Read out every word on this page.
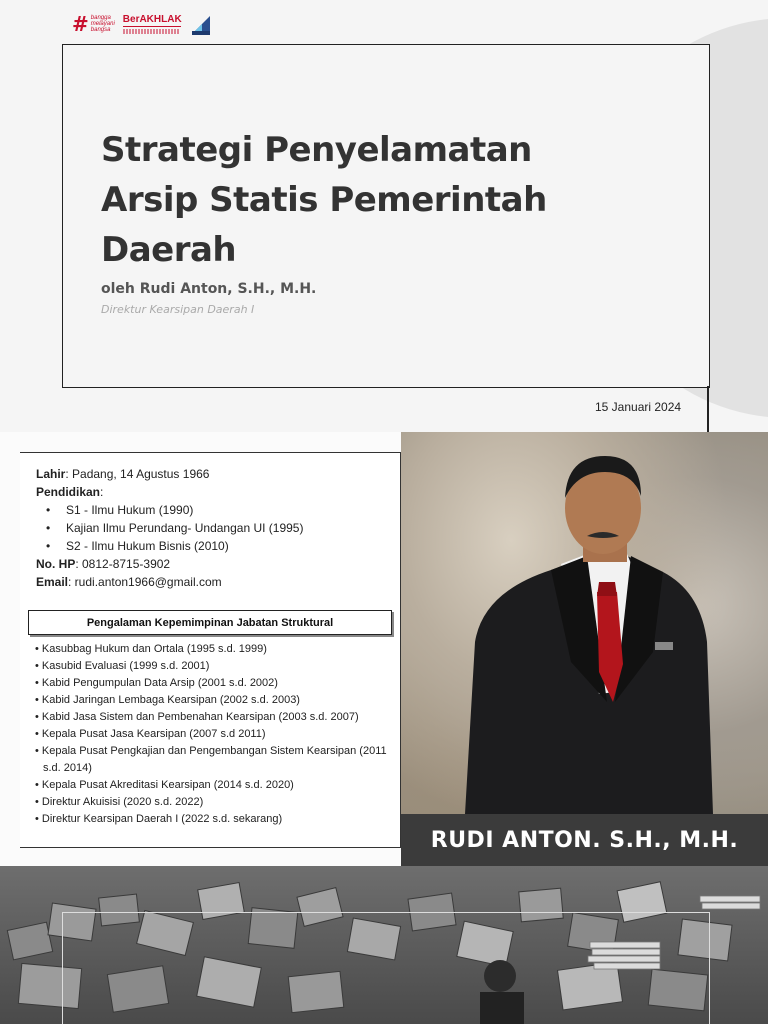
# bangga
melayani
bangsa
BerAKHLAK
Strategi Penyelamatan Arsip Statis Pemerintah Daerah
oleh Rudi Anton, S.H., M.H.
Direktur Kearsipan Daerah I
15 Januari 2024
Lahir: Padang, 14 Agustus 1966
Pendidikan:
• S1 - Ilmu Hukum (1990)
• Kajian Ilmu Perundang- Undangan UI (1995)
• S2 - Ilmu Hukum Bisnis (2010)
No. HP: 0812-8715-3902
Email: rudi.anton1966@gmail.com
Pengalaman Kepemimpinan Jabatan Struktural
• Kasubbag Hukum dan Ortala (1995 s.d. 1999)
• Kasubid Evaluasi (1999 s.d. 2001)
• Kabid Pengumpulan Data Arsip (2001 s.d. 2002)
• Kabid Jaringan Lembaga Kearsipan (2002 s.d. 2003)
• Kabid Jasa Sistem dan Pembenahan Kearsipan (2003 s.d. 2007)
• Kepala Pusat Jasa Kearsipan (2007 s.d 2011)
• Kepala Pusat Pengkajian dan Pengembangan Sistem Kearsipan (2011 s.d. 2014)
• Kepala Pusat Akreditasi Kearsipan (2014 s.d. 2020)
• Direktur Akuisisi (2020 s.d. 2022)
• Direktur Kearsipan Daerah I (2022 s.d. sekarang)
RUDI ANTON. S.H., M.H.
